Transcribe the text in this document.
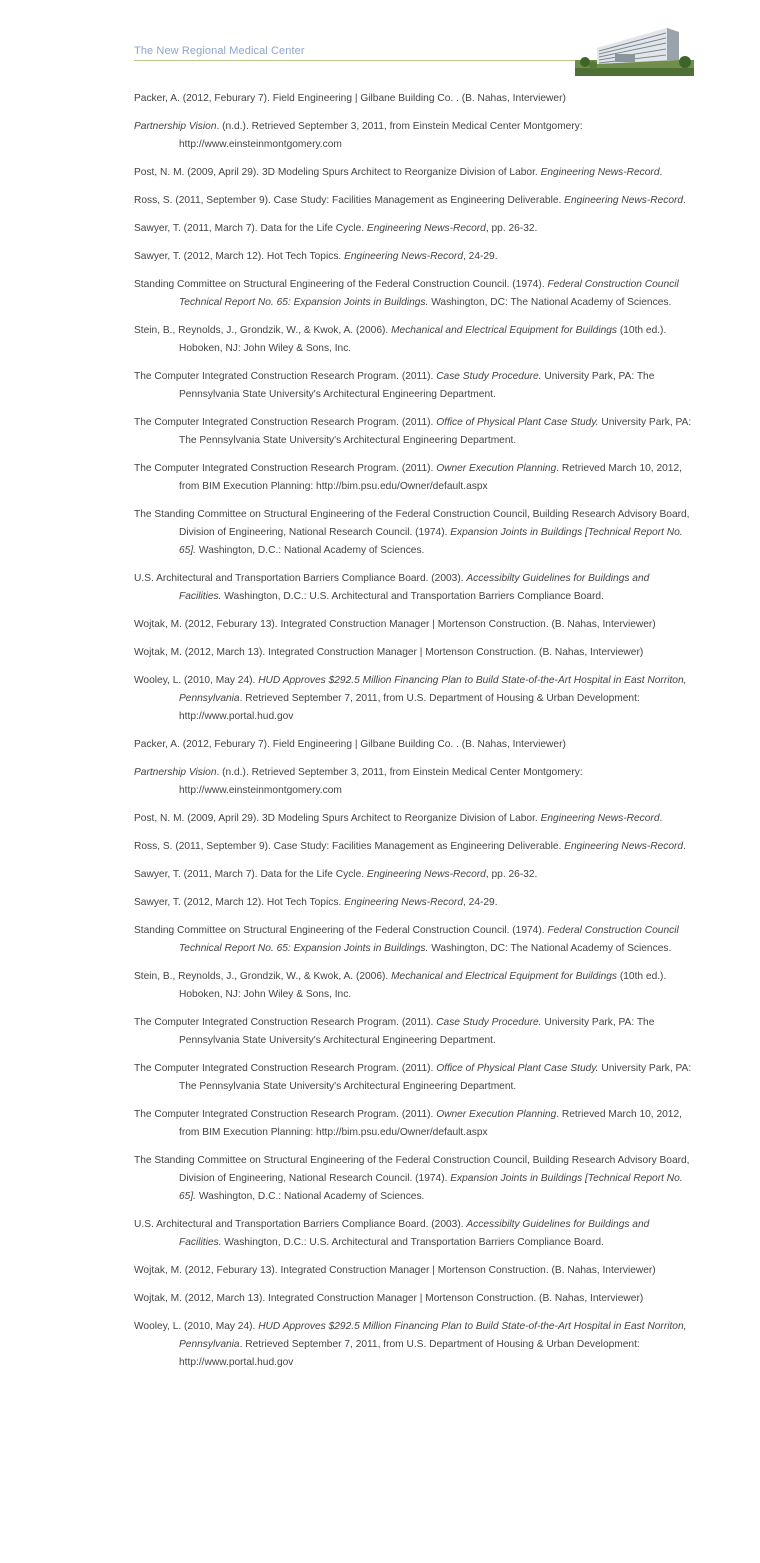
The New Regional Medical Center

Packer, A. (2012, Feburary 7). Field Engineering | Gilbane Building Co. . (B. Nahas, Interviewer)

Partnership Vision. (n.d.). Retrieved September 3, 2011, from Einstein Medical Center Montgomery: http://www.einsteinmontgomery.com

Post, N. M. (2009, April 29). 3D Modeling Spurs Architect to Reorganize Division of Labor. Engineering News-Record.

Ross, S. (2011, September 9). Case Study: Facilities Management as Engineering Deliverable. Engineering News-Record.

Sawyer, T. (2011, March 7). Data for the Life Cycle. Engineering News-Record, pp. 26-32.

Sawyer, T. (2012, March 12). Hot Tech Topics. Engineering News-Record, 24-29.

Standing Committee on Structural Engineering of the Federal Construction Council. (1974). Federal Construction Council Technical Report No. 65: Expansion Joints in Buildings. Washington, DC: The National Academy of Sciences.

Stein, B., Reynolds, J., Grondzik, W., & Kwok, A. (2006). Mechanical and Electrical Equipment for Buildings (10th ed.). Hoboken, NJ: John Wiley & Sons, Inc.

The Computer Integrated Construction Research Program. (2011). Case Study Procedure. University Park, PA: The Pennsylvania State University's Architectural Engineering Department.

The Computer Integrated Construction Research Program. (2011). Office of Physical Plant Case Study. University Park, PA: The Pennsylvania State University's Architectural Engineering Department.

The Computer Integrated Construction Research Program. (2011). Owner Execution Planning. Retrieved March 10, 2012, from BIM Execution Planning: http://bim.psu.edu/Owner/default.aspx

The Standing Committee on Structural Engineering of the Federal Construction Council, Building Research Advisory Board, Division of Engineering, National Research Council. (1974). Expansion Joints in Buildings [Technical Report No. 65]. Washington, D.C.: National Academy of Sciences.

U.S. Architectural and Transportation Barriers Compliance Board. (2003). Accessibilty Guidelines for Buildings and Facilities. Washington, D.C.: U.S. Architectural and Transportation Barriers Compliance Board.

Wojtak, M. (2012, Feburary 13). Integrated Construction Manager | Mortenson Construction. (B. Nahas, Interviewer)

Wojtak, M. (2012, March 13). Integrated Construction Manager | Mortenson Construction. (B. Nahas, Interviewer)

Wooley, L. (2010, May 24). HUD Approves $292.5 Million Financing Plan to Build State-of-the-Art Hospital in East Norriton, Pennsylvania. Retrieved September 7, 2011, from U.S. Department of Housing & Urban Development: http://www.portal.hud.gov

Packer, A. (2012, Feburary 7). Field Engineering | Gilbane Building Co. . (B. Nahas, Interviewer)

Partnership Vision. (n.d.). Retrieved September 3, 2011, from Einstein Medical Center Montgomery: http://www.einsteinmontgomery.com

Post, N. M. (2009, April 29). 3D Modeling Spurs Architect to Reorganize Division of Labor. Engineering News-Record.

Ross, S. (2011, September 9). Case Study: Facilities Management as Engineering Deliverable. Engineering News-Record.

Sawyer, T. (2011, March 7). Data for the Life Cycle. Engineering News-Record, pp. 26-32.

Sawyer, T. (2012, March 12). Hot Tech Topics. Engineering News-Record, 24-29.

Standing Committee on Structural Engineering of the Federal Construction Council. (1974). Federal Construction Council Technical Report No. 65: Expansion Joints in Buildings. Washington, DC: The National Academy of Sciences.

Stein, B., Reynolds, J., Grondzik, W., & Kwok, A. (2006). Mechanical and Electrical Equipment for Buildings (10th ed.). Hoboken, NJ: John Wiley & Sons, Inc.

The Computer Integrated Construction Research Program. (2011). Case Study Procedure. University Park, PA: The Pennsylvania State University's Architectural Engineering Department.

The Computer Integrated Construction Research Program. (2011). Office of Physical Plant Case Study. University Park, PA: The Pennsylvania State University's Architectural Engineering Department.

The Computer Integrated Construction Research Program. (2011). Owner Execution Planning. Retrieved March 10, 2012, from BIM Execution Planning: http://bim.psu.edu/Owner/default.aspx

The Standing Committee on Structural Engineering of the Federal Construction Council, Building Research Advisory Board, Division of Engineering, National Research Council. (1974). Expansion Joints in Buildings [Technical Report No. 65]. Washington, D.C.: National Academy of Sciences.

U.S. Architectural and Transportation Barriers Compliance Board. (2003). Accessibilty Guidelines for Buildings and Facilities. Washington, D.C.: U.S. Architectural and Transportation Barriers Compliance Board.

Wojtak, M. (2012, Feburary 13). Integrated Construction Manager | Mortenson Construction. (B. Nahas, Interviewer)

Wojtak, M. (2012, March 13). Integrated Construction Manager | Mortenson Construction. (B. Nahas, Interviewer)

Wooley, L. (2010, May 24). HUD Approves $292.5 Million Financing Plan to Build State-of-the-Art Hospital in East Norriton, Pennsylvania. Retrieved September 7, 2011, from U.S. Department of Housing & Urban Development: http://www.portal.hud.gov
